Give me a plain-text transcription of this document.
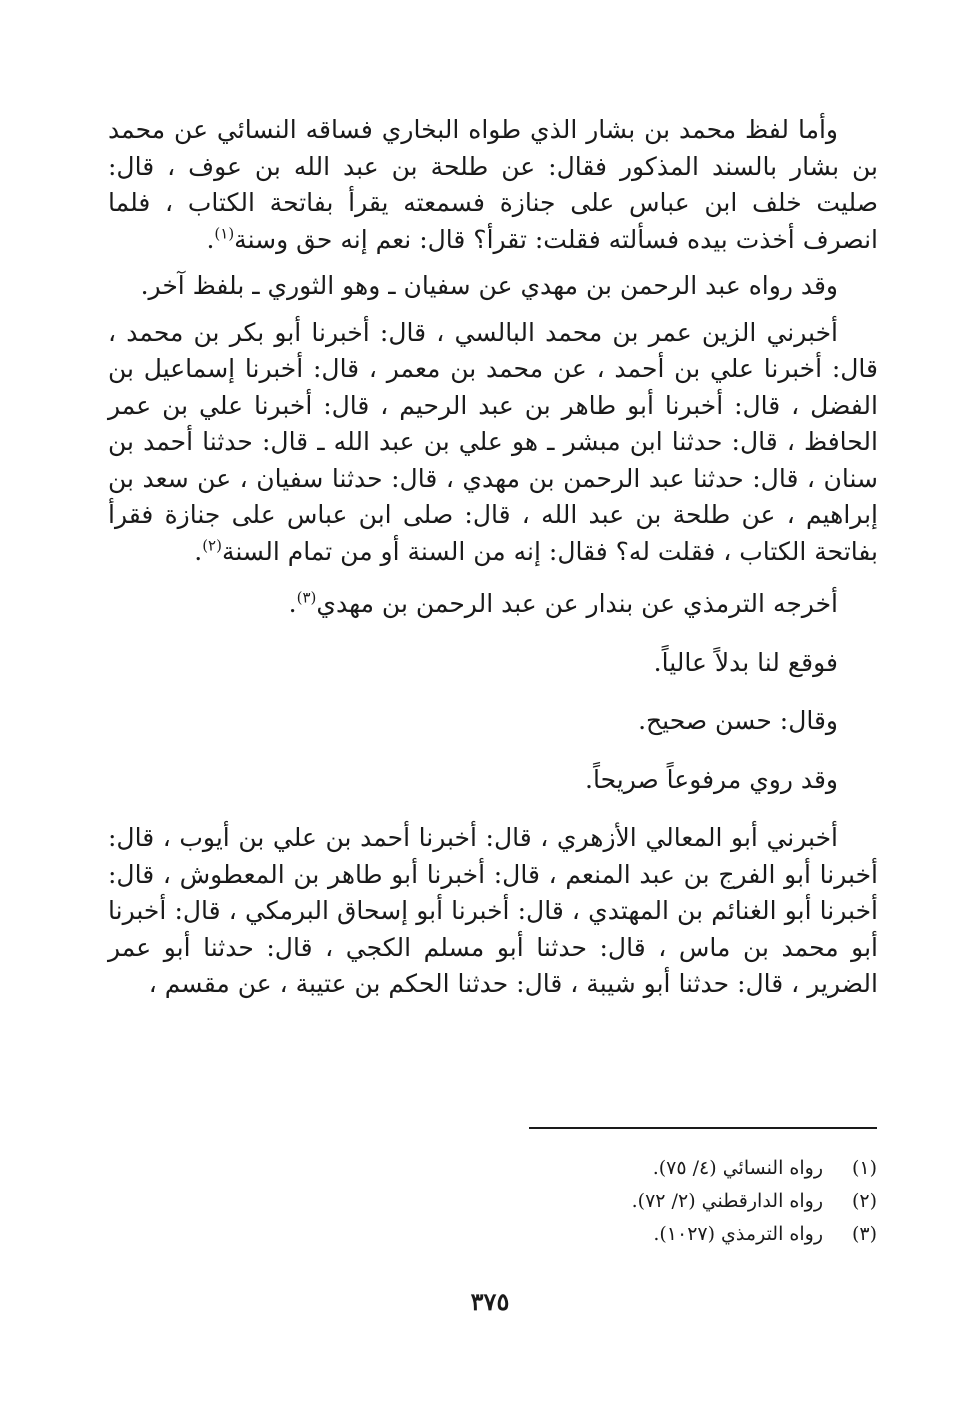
وأما لفظ محمد بن بشار الذي طواه البخاري فساقه النسائي عن محمد بن بشار بالسند المذكور فقال: عن طلحة بن عبد الله بن عوف ، قال: صليت خلف ابن عباس على جنازة فسمعته يقرأ بفاتحة الكتاب ، فلما انصرف أخذت بيده فسألته فقلت: تقرأ؟ قال: نعم إنه حق وسنة$^{(١)}$.

وقد رواه عبد الرحمن بن مهدي عن سفيان ـ وهو الثوري ـ بلفظ آخر.

أخبرني الزين عمر بن محمد البالسي ، قال: أخبرنا أبو بكر بن محمد ، قال: أخبرنا علي بن أحمد ، عن محمد بن معمر ، قال: أخبرنا إسماعيل بن الفضل ، قال: أخبرنا أبو طاهر بن عبد الرحيم ، قال: أخبرنا علي بن عمر الحافظ ، قال: حدثنا ابن مبشر ـ هو علي بن عبد الله ـ قال: حدثنا أحمد بن سنان ، قال: حدثنا عبد الرحمن بن مهدي ، قال: حدثنا سفيان ، عن سعد بن إبراهيم ، عن طلحة بن عبد الله ، قال: صلى ابن عباس على جنازة فقرأ بفاتحة الكتاب ، فقلت له؟ فقال: إنه من السنة أو من تمام السنة$^{(٢)}$.

أخرجه الترمذي عن بندار عن عبد الرحمن بن مهدي$^{(٣)}$.

فوقع لنا بدلاً عالياً.

وقال: حسن صحيح.

وقد روي مرفوعاً صريحاً.

أخبرني أبو المعالي الأزهري ، قال: أخبرنا أحمد بن علي بن أيوب ، قال: أخبرنا أبو الفرج بن عبد المنعم ، قال: أخبرنا أبو طاهر بن المعطوش ، قال: أخبرنا أبو الغنائم بن المهتدي ، قال: أخبرنا أبو إسحاق البرمكي ، قال: أخبرنا أبو محمد بن ماس ، قال: حدثنا أبو مسلم الكجي ، قال: حدثنا أبو عمر الضرير ، قال: حدثنا أبو شيبة ، قال: حدثنا الحكم بن عتيبة ، عن مقسم ،

(١)
رواه النسائي (٤/ ٧٥).
(٢)
رواه الدارقطني (٢/ ٧٢).
(٣)
رواه الترمذي (١٠٢٧).
٣٧٥
